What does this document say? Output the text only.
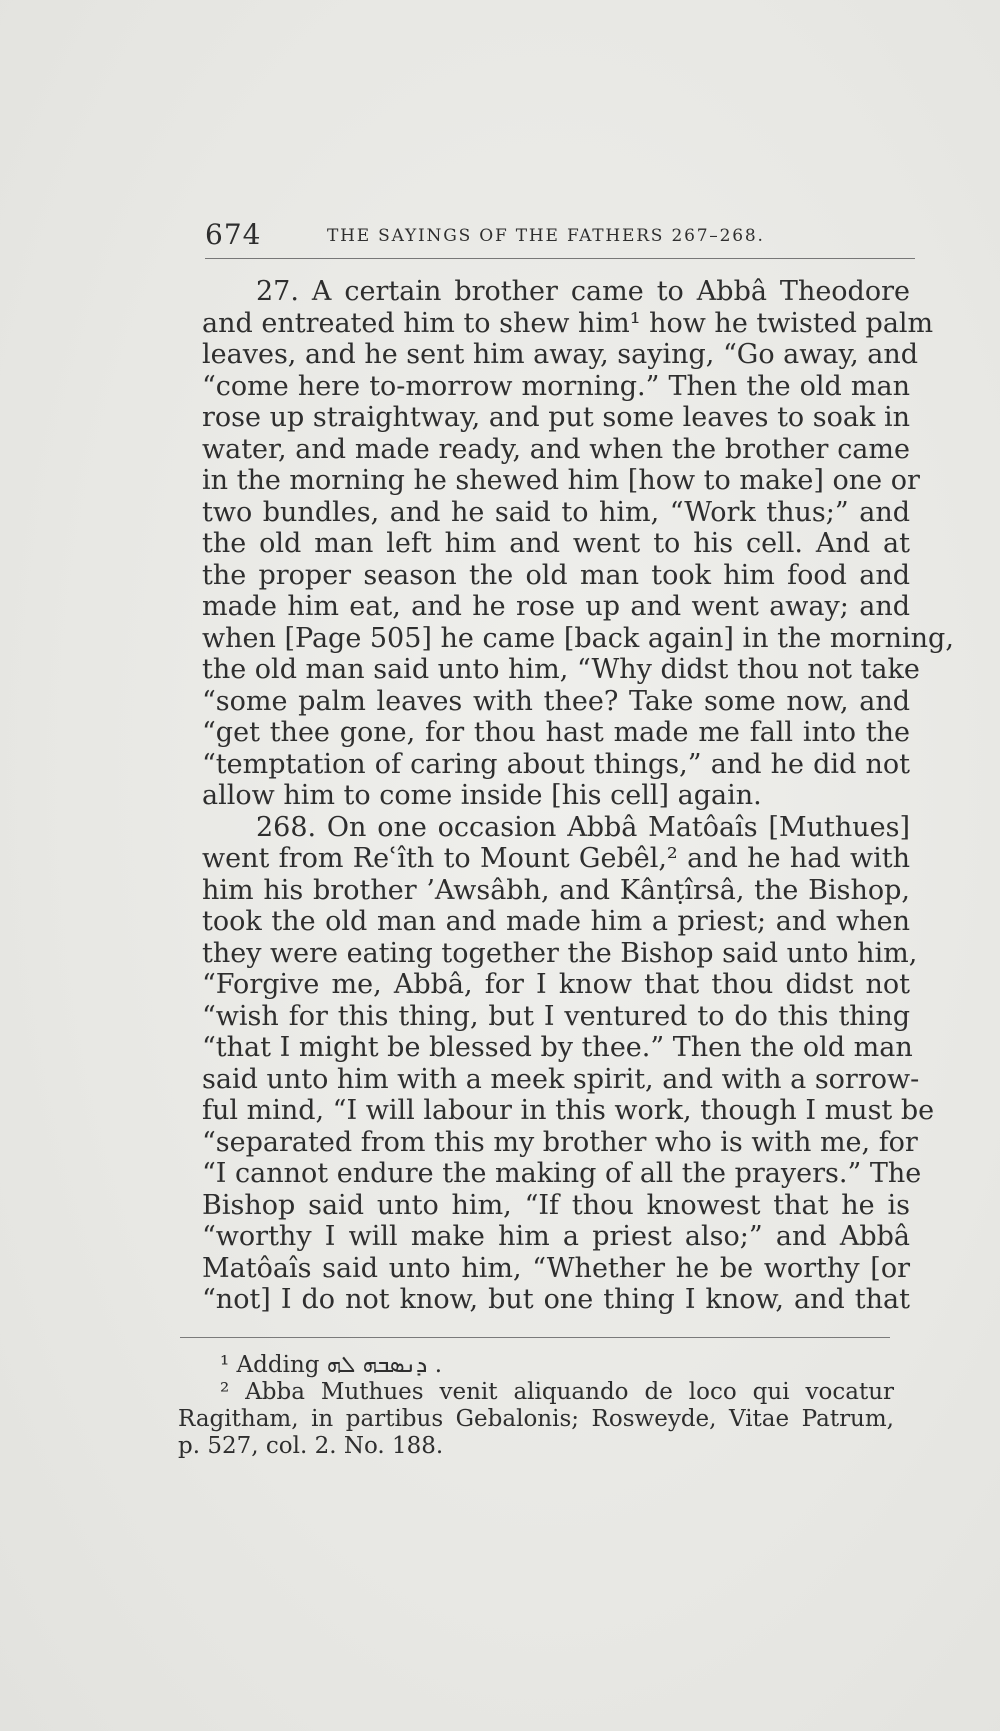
674	THE SAYINGS OF THE FATHERS 267–268.
  27. A certain brother came to Abbâ Theodore
and entreated him to shew him¹ how he twisted palm
leaves, and he sent him away, saying, “Go away, and
“come here to-morrow morning.” Then the old man
rose up straightway, and put some leaves to soak in
water, and made ready, and when the brother came
in the morning he shewed him [how to make] one or
two bundles, and he said to him, “Work thus;” and
the old man left him and went to his cell. And at
the proper season the old man took him food and
made him eat, and he rose up and went away; and
when [Page 505] he came [back again] in the morning,
the old man said unto him, “Why didst thou not take
“some palm leaves with thee? Take some now, and
“get thee gone, for thou hast made me fall into the
“temptation of caring about things,” and he did not
allow him to come inside [his cell] again.
  268. On one occasion Abbâ Matôaîs [Muthues]
went from Reʿîth to Mount Gebêl,² and he had with
him his brother ’Awsâbh, and Kânṭîrsâ, the Bishop,
took the old man and made him a priest; and when
they were eating together the Bishop said unto him,
“Forgive me, Abbâ, for I know that thou didst not
“wish for this thing, but I ventured to do this thing
“that I might be blessed by thee.” Then the old man
said unto him with a meek spirit, and with a sorrow-
ful mind, “I will labour in this work, though I must be
“separated from this my brother who is with me, for
“I cannot endure the making of all the prayers.” The
Bishop said unto him, “If thou knowest that he is
“worthy I will make him a priest also;” and Abbâ
Matôaîs said unto him, “Whether he be worthy [or
“not] I do not know, but one thing I know, and that
¹ Adding ܕܢܣܒܗ ܠܗ .
² Abba Muthues venit aliquando de loco qui vocatur
Ragitham, in partibus Gebalonis; Rosweyde, Vitae Patrum,
p. 527, col. 2. No. 188.
